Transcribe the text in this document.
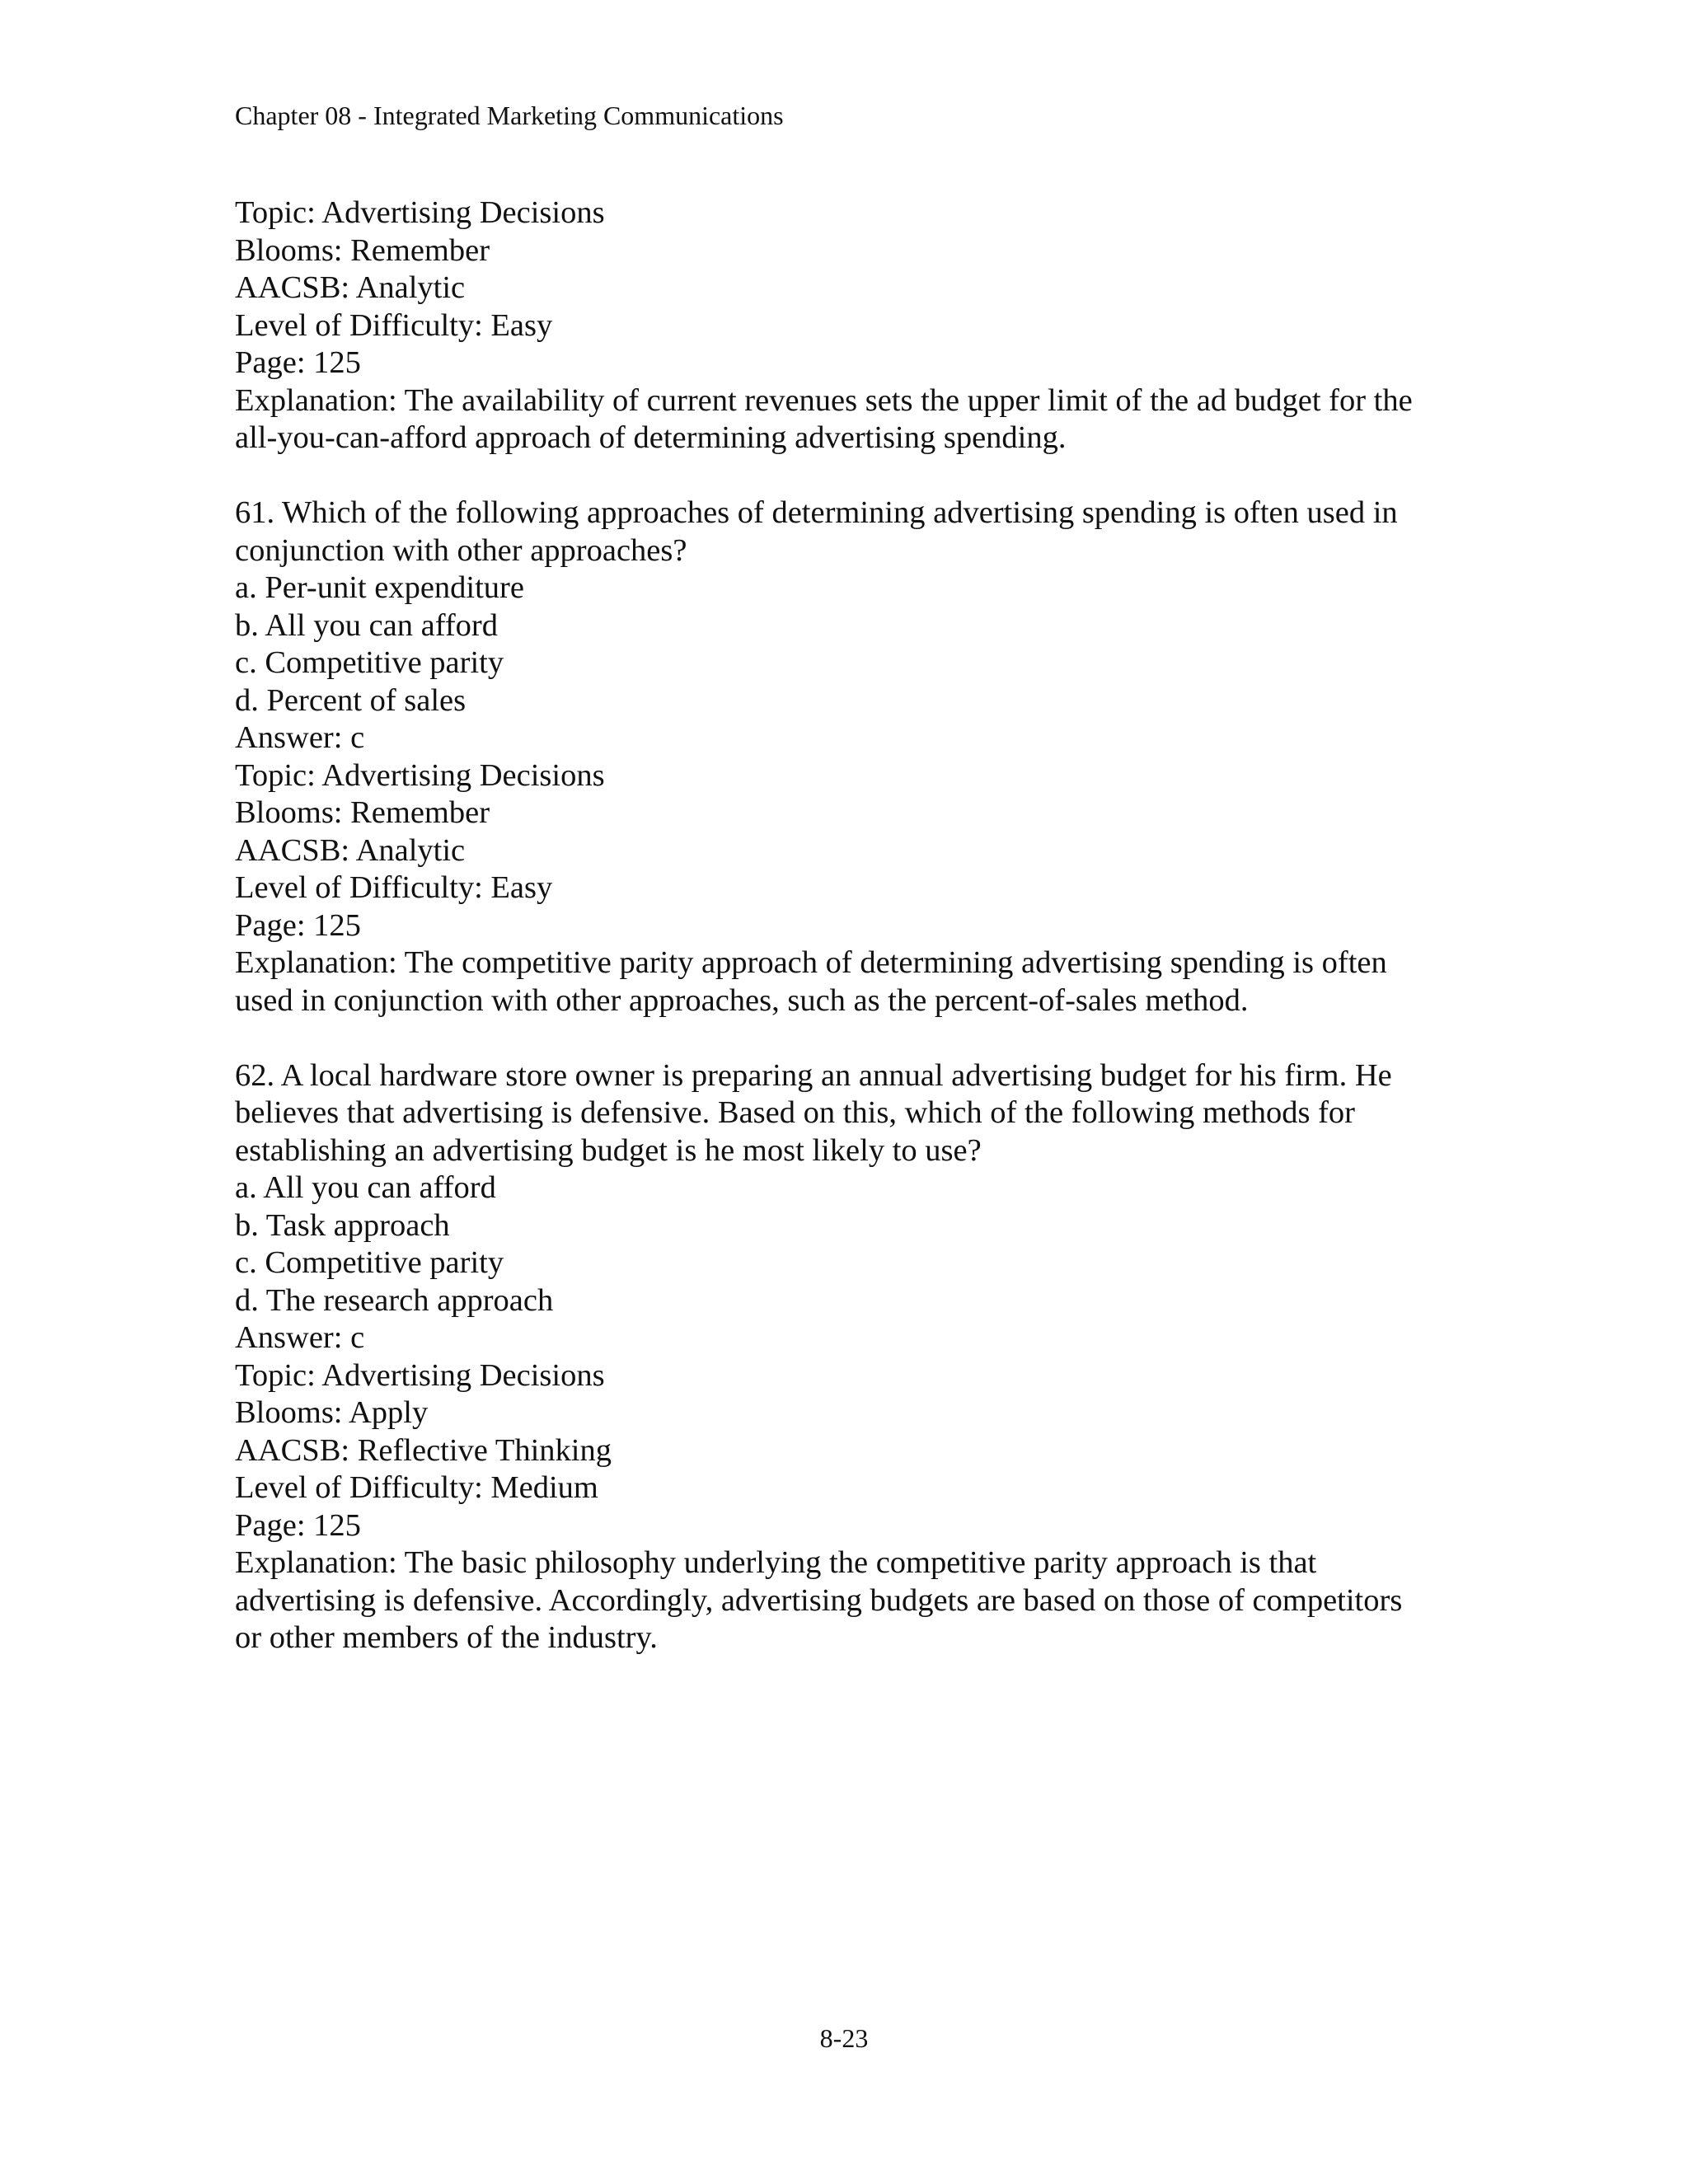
Chapter 08 - Integrated Marketing Communications
Topic: Advertising Decisions
Blooms: Remember
AACSB: Analytic
Level of Difficulty: Easy
Page: 125
Explanation: The availability of current revenues sets the upper limit of the ad budget for the
all-you-can-afford approach of determining advertising spending.
61. Which of the following approaches of determining advertising spending is often used in
conjunction with other approaches?
a. Per-unit expenditure
b. All you can afford
c. Competitive parity
d. Percent of sales
Answer: c
Topic: Advertising Decisions
Blooms: Remember
AACSB: Analytic
Level of Difficulty: Easy
Page: 125
Explanation: The competitive parity approach of determining advertising spending is often
used in conjunction with other approaches, such as the percent-of-sales method.
62. A local hardware store owner is preparing an annual advertising budget for his firm. He
believes that advertising is defensive. Based on this, which of the following methods for
establishing an advertising budget is he most likely to use?
a. All you can afford
b. Task approach
c. Competitive parity
d. The research approach
Answer: c
Topic: Advertising Decisions
Blooms: Apply
AACSB: Reflective Thinking
Level of Difficulty: Medium
Page: 125
Explanation: The basic philosophy underlying the competitive parity approach is that
advertising is defensive. Accordingly, advertising budgets are based on those of competitors
or other members of the industry.
8-23
